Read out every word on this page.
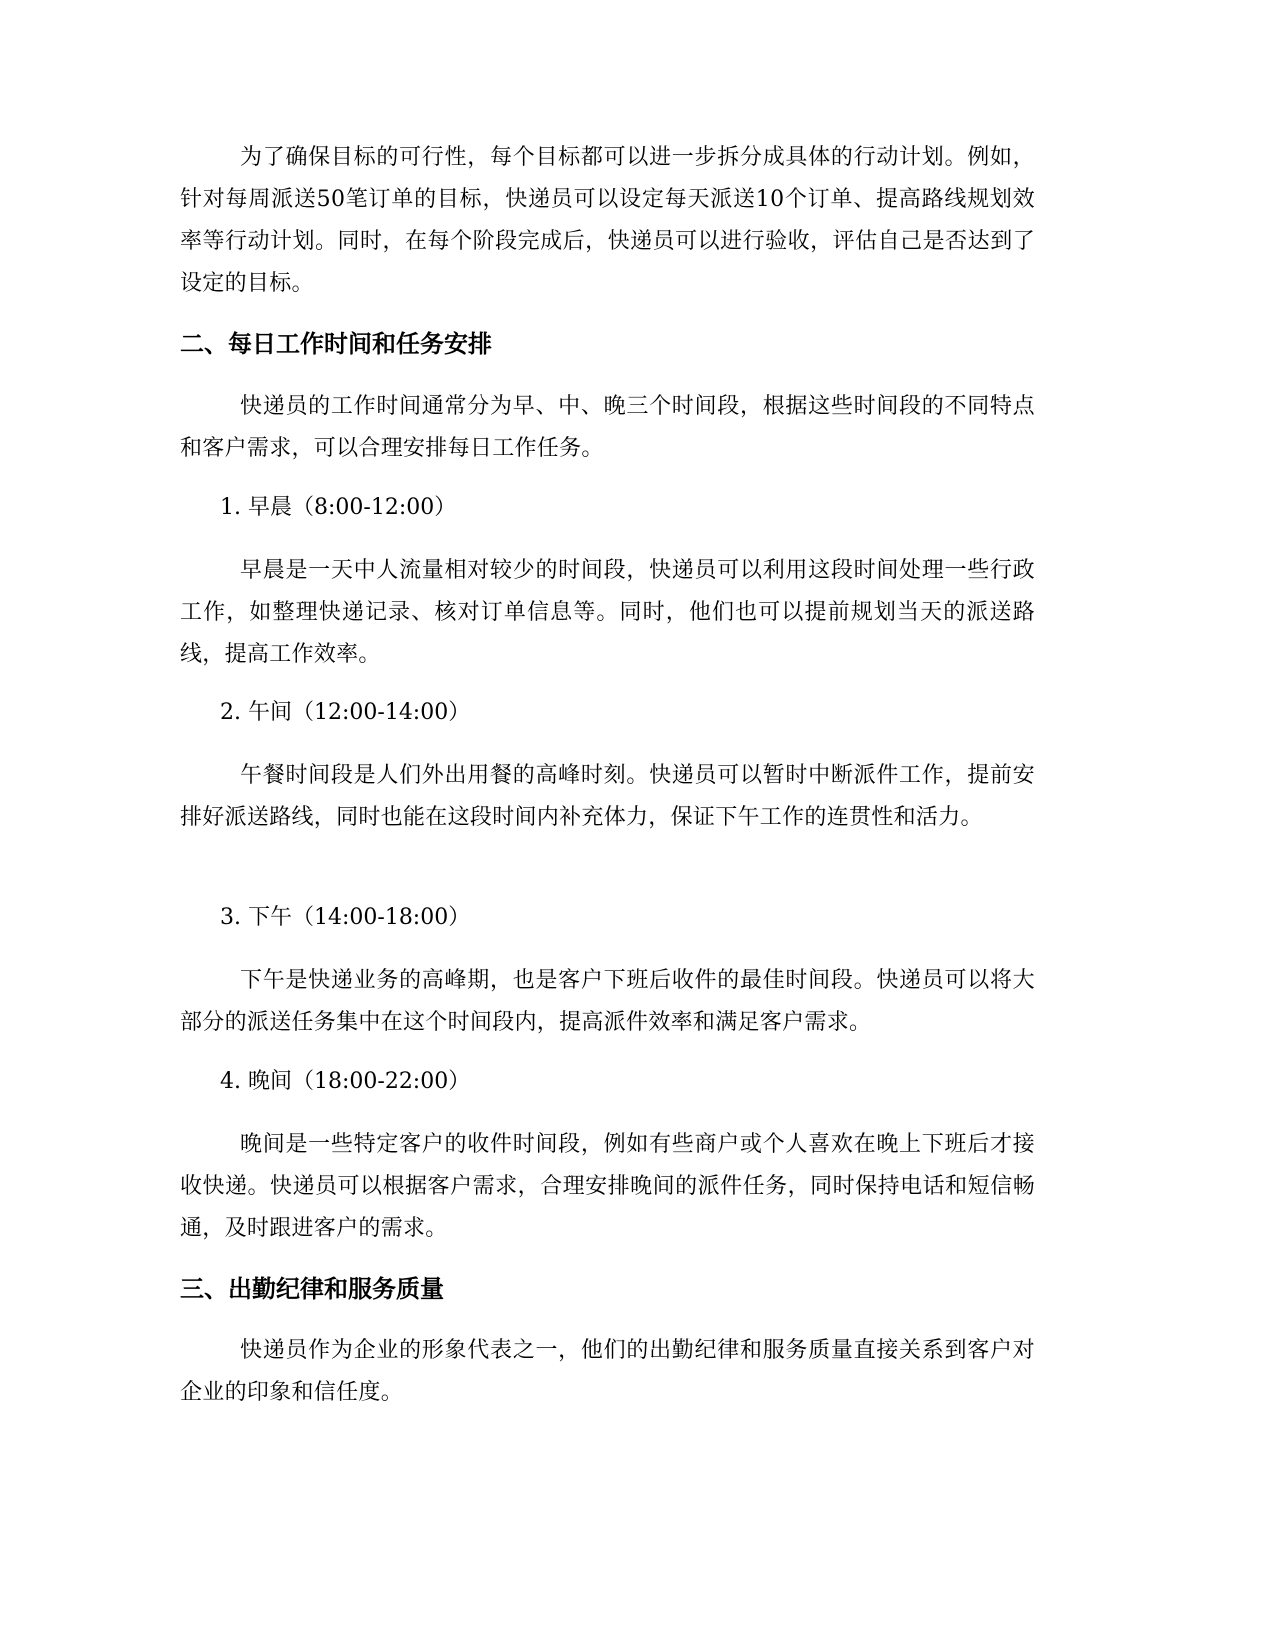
为了确保目标的可行性，每个目标都可以进一步拆分成具体的行动计划。例如，针对每周派送50笔订单的目标，快递员可以设定每天派送10个订单、提高路线规划效率等行动计划。同时，在每个阶段完成后，快递员可以进行验收，评估自己是否达到了设定的目标。

二、每日工作时间和任务安排

快递员的工作时间通常分为早、中、晚三个时间段，根据这些时间段的不同特点和客户需求，可以合理安排每日工作任务。

1. 早晨（8:00-12:00）

早晨是一天中人流量相对较少的时间段，快递员可以利用这段时间处理一些行政工作，如整理快递记录、核对订单信息等。同时，他们也可以提前规划当天的派送路线，提高工作效率。

2. 午间（12:00-14:00）

午餐时间段是人们外出用餐的高峰时刻。快递员可以暂时中断派件工作，提前安排好派送路线，同时也能在这段时间内补充体力，保证下午工作的连贯性和活力。

3. 下午（14:00-18:00）

下午是快递业务的高峰期，也是客户下班后收件的最佳时间段。快递员可以将大部分的派送任务集中在这个时间段内，提高派件效率和满足客户需求。

4. 晚间（18:00-22:00）

晚间是一些特定客户的收件时间段，例如有些商户或个人喜欢在晚上下班后才接收快递。快递员可以根据客户需求，合理安排晚间的派件任务，同时保持电话和短信畅通，及时跟进客户的需求。

三、出勤纪律和服务质量

快递员作为企业的形象代表之一，他们的出勤纪律和服务质量直接关系到客户对企业的印象和信任度。
